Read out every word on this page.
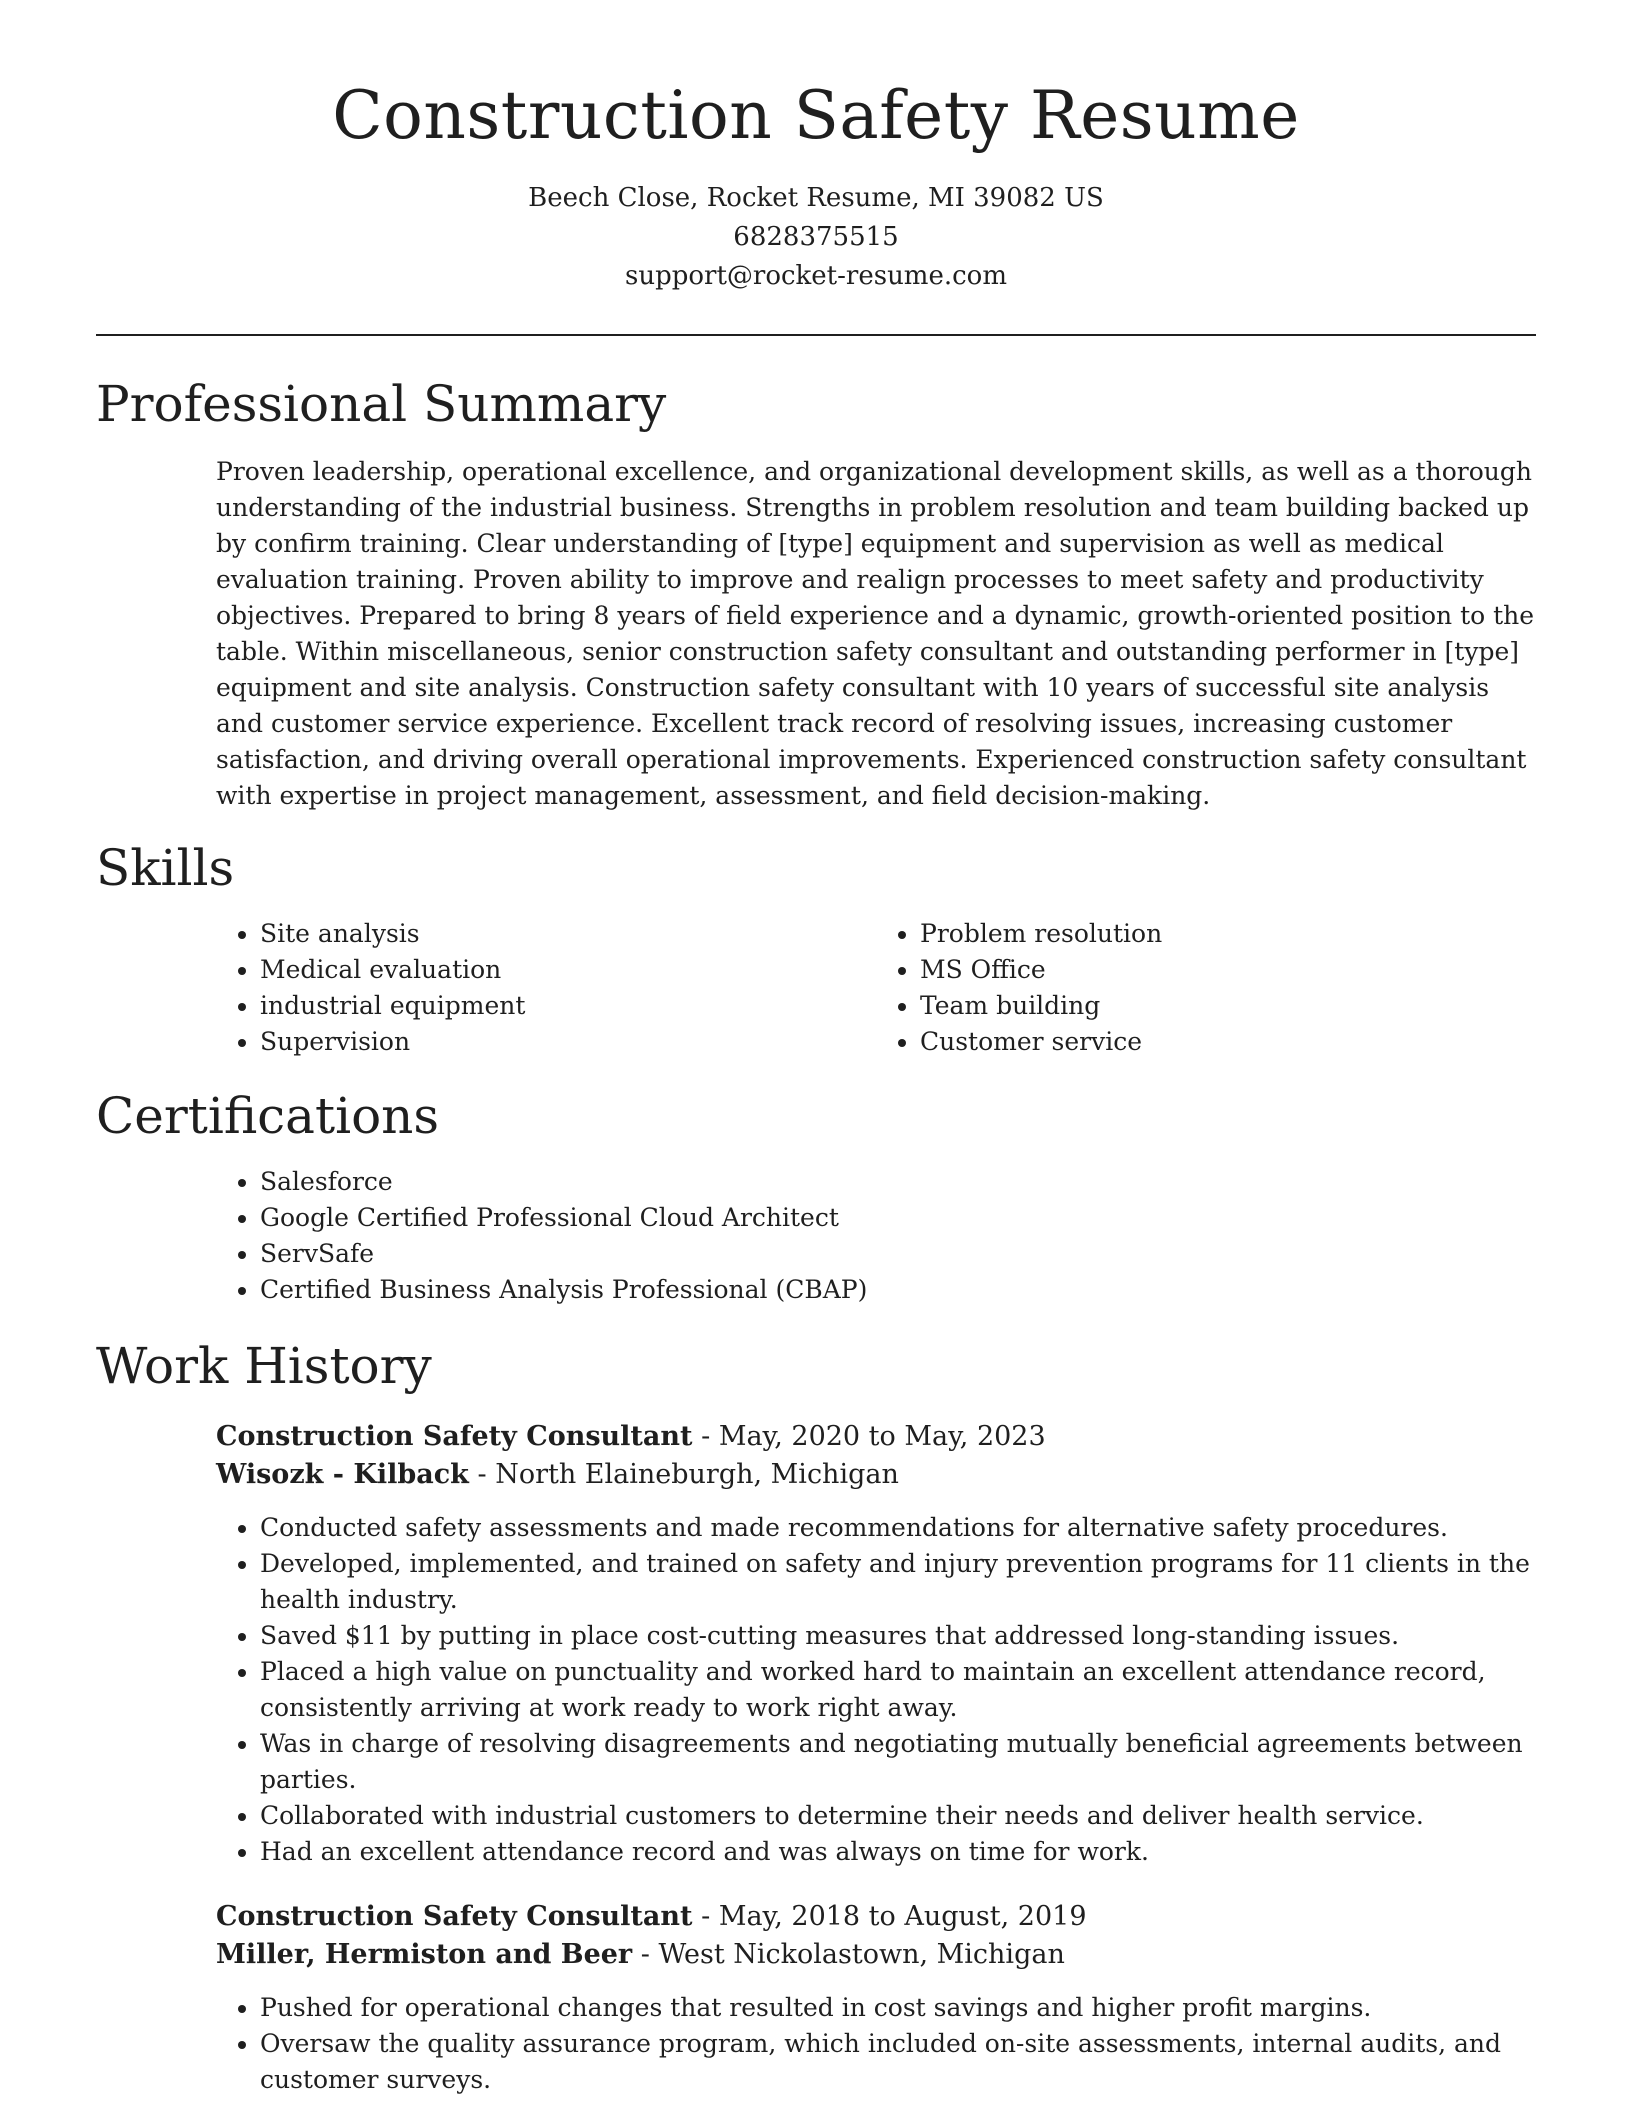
Construction Safety Resume
Beech Close, Rocket Resume, MI 39082 US
6828375515
support@rocket-resume.com
Professional Summary
Proven leadership, operational excellence, and organizational development skills, as well as a thorough understanding of the industrial business. Strengths in problem resolution and team building backed up by confirm training. Clear understanding of [type] equipment and supervision as well as medical evaluation training. Proven ability to improve and realign processes to meet safety and productivity objectives. Prepared to bring 8 years of field experience and a dynamic, growth-oriented position to the table. Within miscellaneous, senior construction safety consultant and outstanding performer in [type] equipment and site analysis. Construction safety consultant with 10 years of successful site analysis and customer service experience. Excellent track record of resolving issues, increasing customer satisfaction, and driving overall operational improvements. Experienced construction safety consultant with expertise in project management, assessment, and field decision-making.
Skills
• Site analysis
• Medical evaluation
• industrial equipment
• Supervision
• Problem resolution
• MS Office
• Team building
• Customer service
Certifications
• Salesforce
• Google Certified Professional Cloud Architect
• ServSafe
• Certified Business Analysis Professional (CBAP)
Work History
Construction Safety Consultant - May, 2020 to May, 2023
Wisozk - Kilback - North Elaineburgh, Michigan
• Conducted safety assessments and made recommendations for alternative safety procedures.
• Developed, implemented, and trained on safety and injury prevention programs for 11 clients in the health industry.
• Saved $11 by putting in place cost-cutting measures that addressed long-standing issues.
• Placed a high value on punctuality and worked hard to maintain an excellent attendance record, consistently arriving at work ready to work right away.
• Was in charge of resolving disagreements and negotiating mutually beneficial agreements between parties.
• Collaborated with industrial customers to determine their needs and deliver health service.
• Had an excellent attendance record and was always on time for work.
Construction Safety Consultant - May, 2018 to August, 2019
Miller, Hermiston and Beer - West Nickolastown, Michigan
• Pushed for operational changes that resulted in cost savings and higher profit margins.
• Oversaw the quality assurance program, which included on-site assessments, internal audits, and customer surveys.
